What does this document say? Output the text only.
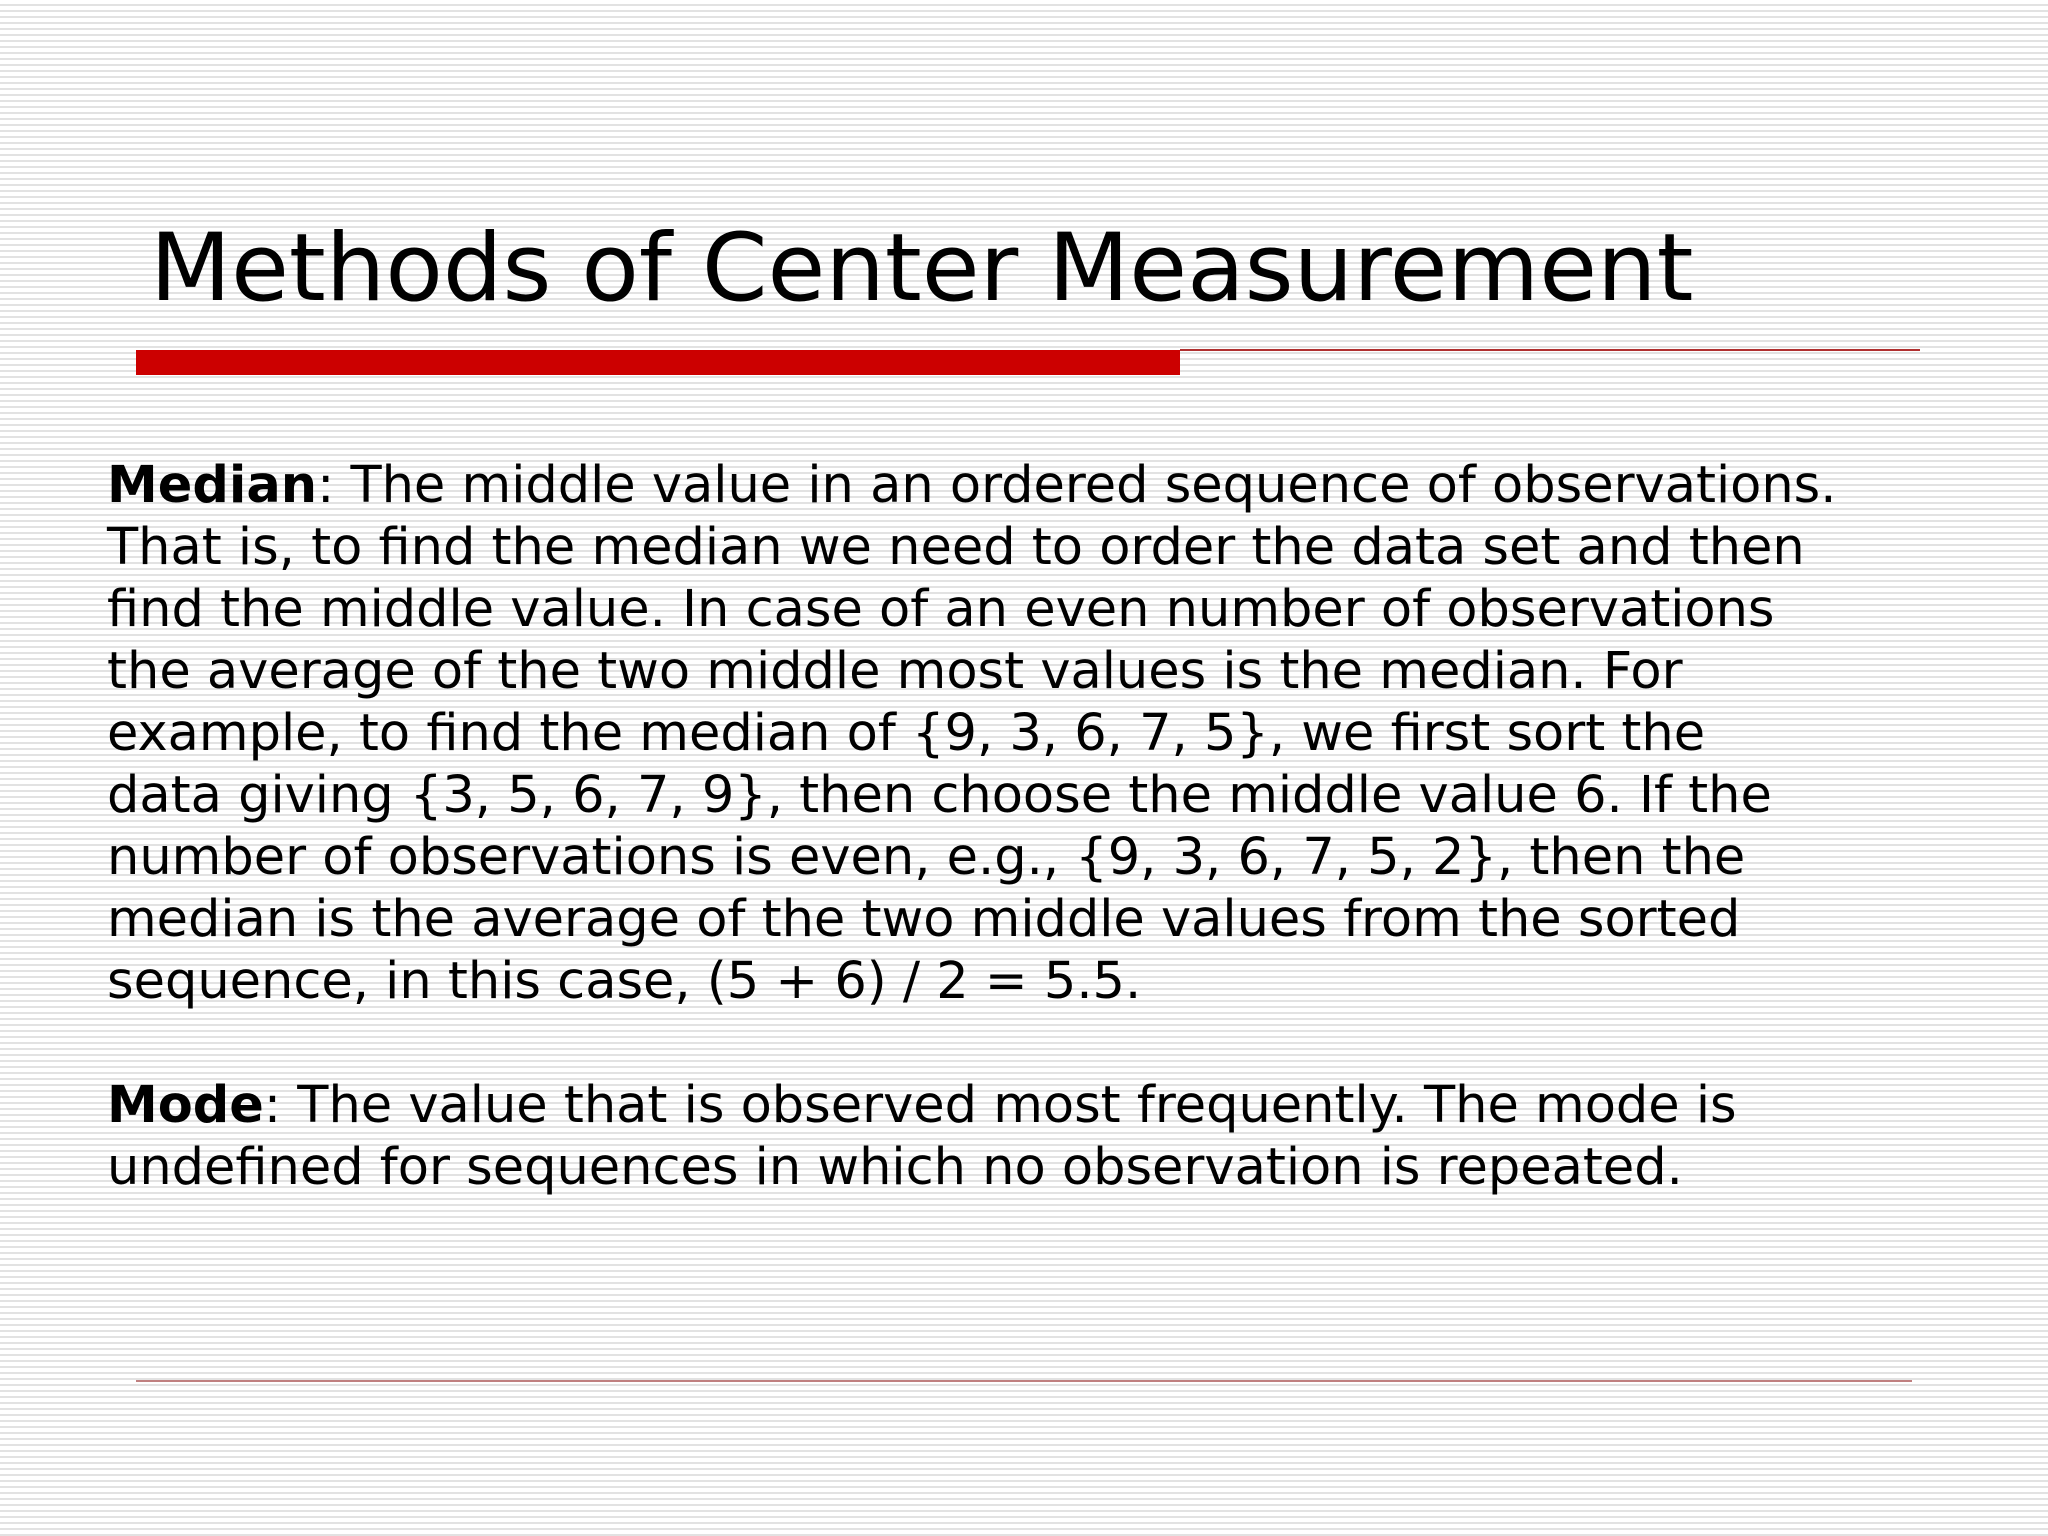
Methods of Center Measurement
Median: The middle value in an ordered sequence of observations.
That is, to find the median we need to order the data set and then
find the middle value. In case of an even number of observations
the average of the two middle most values is the median. For
example, to find the median of {9, 3, 6, 7, 5}, we first sort the
data giving {3, 5, 6, 7, 9}, then choose the middle value 6. If the
number of observations is even, e.g., {9, 3, 6, 7, 5, 2}, then the
median is the average of the two middle values from the sorted
sequence, in this case, (5 + 6) / 2 = 5.5.
Mode: The value that is observed most frequently. The mode is
undefined for sequences in which no observation is repeated.
